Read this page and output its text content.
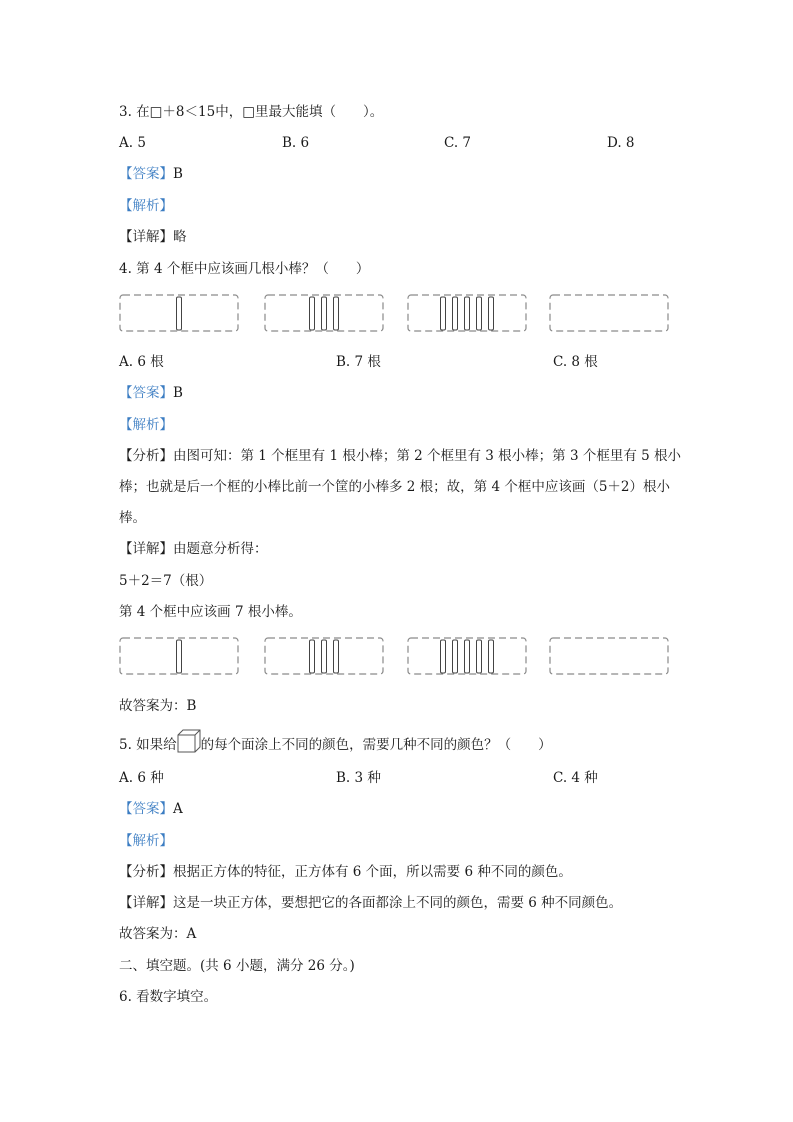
3. 在□＋8＜15中，□里最大能填（　　）。
A. 5	B. 6	C. 7	D. 8
【答案】B
【解析】
【详解】略
4. 第 4 个框中应该画几根小棒？（　　）
A. 6 根	B. 7 根	C. 8 根
【答案】B
【解析】
【分析】由图可知：第 1 个框里有 1 根小棒；第 2 个框里有 3 根小棒；第 3 个框里有 5 根小
棒；也就是后一个框的小棒比前一个筐的小棒多 2 根；故，第 4 个框中应该画（5＋2）根小
棒。
【详解】由题意分析得：
5＋2＝7（根）
第 4 个框中应该画 7 根小棒。
故答案为：B
5. 如果给 的每个面涂上不同的颜色，需要几种不同的颜色？（　　）
A. 6 种	B. 3 种	C. 4 种
【答案】A
【解析】
【分析】根据正方体的特征，正方体有 6 个面，所以需要 6 种不同的颜色。
【详解】这是一块正方体，要想把它的各面都涂上不同的颜色，需要 6 种不同颜色。
故答案为：A
二、填空题。(共 6 小题，满分 26 分。)
6. 看数字填空。
